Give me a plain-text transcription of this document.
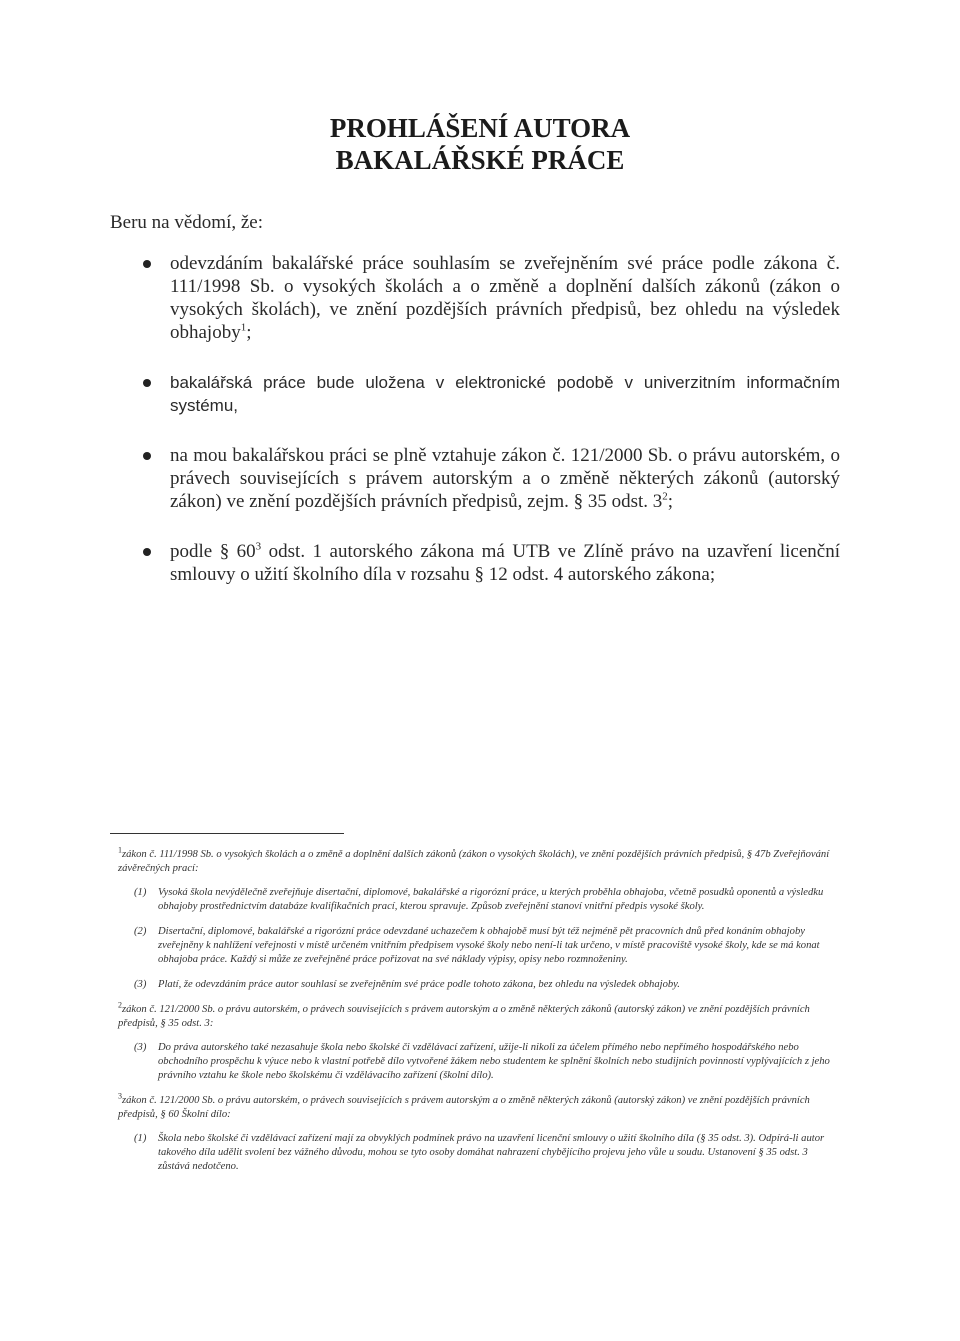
PROHLÁŠENÍ AUTORA
BAKALÁŘSKÉ PRÁCE
Beru na vědomí, že:
odevzdáním bakalářské práce souhlasím se zveřejněním své práce podle zákona č. 111/1998 Sb. o vysokých školách a o změně a doplnění dalších zákonů (zákon o vysokých školách), ve znění pozdějších právních předpisů, bez ohledu na výsledek obhajoby$^1$;
bakalářská práce bude uložena v elektronické podobě v univerzitním informačním systému,
na mou bakalářskou práci se plně vztahuje zákon č. 121/2000 Sb. o právu autorském, o právech souvisejících s právem autorským a o změně některých zákonů (autorský zákon) ve znění pozdějších právních předpisů, zejm. § 35 odst. $3^2$;
podle § $60^3$ odst. 1 autorského zákona má UTB ve Zlíně právo na uzavření licenční smlouvy o užití školního díla v rozsahu § 12 odst. 4 autorského zákona;

$^1$zákon č. 111/1998 Sb. o vysokých školách a o změně a doplnění dalších zákonů (zákon o vysokých školách), ve znění pozdějších právních předpisů, § 47b Zveřejňování závěrečných prací:

(1)	Vysoká škola nevýdělečně zveřejňuje disertační, diplomové, bakalářské a rigorózní práce, u kterých proběhla obhajoba, včetně posudků oponentů a výsledku obhajoby prostřednictvím databáze kvalifikačních prací, kterou spravuje. Způsob zveřejnění stanoví vnitřní předpis vysoké školy.
(2)	Disertační, diplomové, bakalářské a rigorózní práce odevzdané uchazečem k obhajobě musí být též nejméně pět pracovních dnů před konáním obhajoby zveřejněny k nahlížení veřejnosti v místě určeném vnitřním předpisem vysoké školy nebo není-li tak určeno, v místě pracoviště vysoké školy, kde se má konat obhajoba práce. Každý si může ze zveřejněné práce pořizovat na své náklady výpisy, opisy nebo rozmnoženiny.
(3)	Platí, že odevzdáním práce autor souhlasí se zveřejněním své práce podle tohoto zákona, bez ohledu na výsledek obhajoby.

$^2$zákon č. 121/2000 Sb. o právu autorském, o právech souvisejících s právem autorským a o změně některých zákonů (autorský zákon) ve znění pozdějších právních předpisů, § 35 odst. 3:

(3)	Do práva autorského také nezasahuje škola nebo školské či vzdělávací zařízení, užije-li nikoli za účelem přímého nebo nepřímého hospodářského nebo obchodního prospěchu k výuce nebo k vlastní potřebě dílo vytvořené žákem nebo studentem ke splnění školních nebo studijních povinností vyplývajících z jeho právního vztahu ke škole nebo školskému či vzdělávacího zařízení (školní dílo).

$^3$zákon č. 121/2000 Sb. o právu autorském, o právech souvisejících s právem autorským a o změně některých zákonů (autorský zákon) ve znění pozdějších právních předpisů, § 60 Školní dílo:

(1)	Škola nebo školské či vzdělávací zařízení mají za obvyklých podmínek právo na uzavření licenční smlouvy o užití školního díla (§ 35 odst. 3). Odpírá-li autor takového díla udělit svolení bez vážného důvodu, mohou se tyto osoby domáhat nahrazení chybějícího projevu jeho vůle u soudu. Ustanovení § 35 odst. 3 zůstává nedotčeno.
